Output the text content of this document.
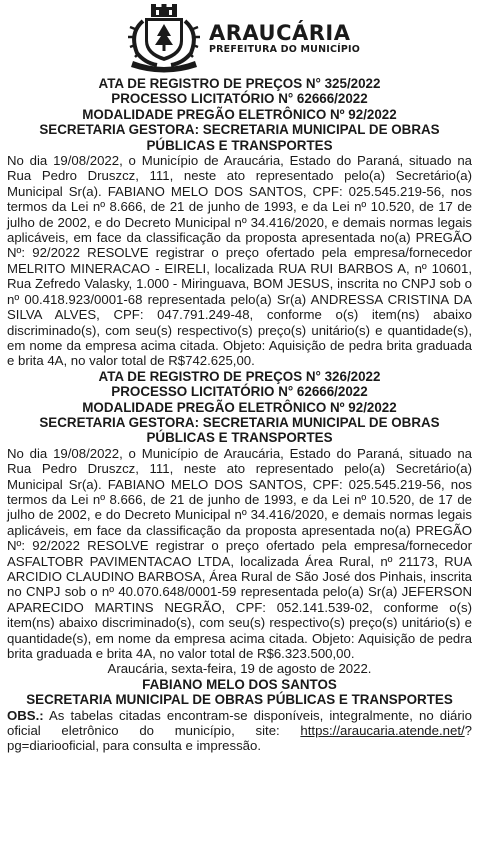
ARAUCÁRIA
PREFEITURA DO MUNICÍPIO
ATA DE REGISTRO DE PREÇOS N° 325/2022
PROCESSO LICITATÓRIO N° 62666/2022
MODALIDADE PREGÃO ELETRÔNICO Nº 92/2022
SECRETARIA GESTORA: SECRETARIA MUNICIPAL DE OBRAS
PÚBLICAS E TRANSPORTES

No dia 19/08/2022, o Município de Araucária, Estado do Paraná, situado na Rua Pedro Druszcz, 111, neste ato representado pelo(a) Secretário(a) Municipal Sr(a). FABIANO MELO DOS SANTOS, CPF: 025.545.219-56, nos termos da Lei nº 8.666, de 21 de junho de 1993, e da Lei nº 10.520, de 17 de julho de 2002, e do Decreto Municipal nº 34.416/2020, e demais normas legais aplicáveis, em face da classificação da proposta apresentada no(a) PREGÃO Nº: 92/2022 RESOLVE registrar o preço ofertado pela empresa/fornecedor MELRITO MINERACAO - EIRELI, localizada RUA RUI BARBOS A, nº 10601, Rua Zefredo Valasky, 1.000 - Miringuava, BOM JESUS, inscrita no CNPJ sob o nº 00.418.923/0001-68 representada pelo(a) Sr(a) ANDRESSA CRISTINA DA SILVA ALVES, CPF: 047.791.249-48, conforme o(s) item(ns) abaixo discriminado(s), com seu(s) respectivo(s) preço(s) unitário(s) e quantidade(s), em nome da empresa acima citada. Objeto: Aquisição de pedra brita graduada e brita 4A, no valor total de R$742.625,00.

ATA DE REGISTRO DE PREÇOS N° 326/2022
PROCESSO LICITATÓRIO N° 62666/2022
MODALIDADE PREGÃO ELETRÔNICO Nº 92/2022
SECRETARIA GESTORA: SECRETARIA MUNICIPAL DE OBRAS
PÚBLICAS E TRANSPORTES

No dia 19/08/2022, o Município de Araucária, Estado do Paraná, situado na Rua Pedro Druszcz, 111, neste ato representado pelo(a) Secretário(a) Municipal Sr(a). FABIANO MELO DOS SANTOS, CPF: 025.545.219-56, nos termos da Lei nº 8.666, de 21 de junho de 1993, e da Lei nº 10.520, de 17 de julho de 2002, e do Decreto Municipal nº 34.416/2020, e demais normas legais aplicáveis, em face da classificação da proposta apresentada no(a) PREGÃO Nº: 92/2022 RESOLVE registrar o preço ofertado pela empresa/fornecedor ASFALTOBR PAVIMENTACAO LTDA, localizada Área Rural, nº 21173, RUA ARCIDIO CLAUDINO BARBOSA, Área Rural de São José dos Pinhais, inscrita no CNPJ sob o nº 40.070.648/0001-59 representada pelo(a) Sr(a) JEFERSON APARECIDO MARTINS NEGRÃO, CPF: 052.141.539-02, conforme o(s) item(ns) abaixo discriminado(s), com seu(s) respectivo(s) preço(s) unitário(s) e quantidade(s), em nome da empresa acima citada. Objeto: Aquisição de pedra brita graduada e brita 4A, no valor total de R$6.323.500,00.

Araucária, sexta-feira, 19 de agosto de 2022.
FABIANO MELO DOS SANTOS
SECRETARIA MUNICIPAL DE OBRAS PÚBLICAS E TRANSPORTES

OBS.: As tabelas citadas encontram-se disponíveis, integralmente, no diário oficial eletrônico do município, site: https://araucaria.atende.net/?pg=diariooficial, para consulta e impressão.
